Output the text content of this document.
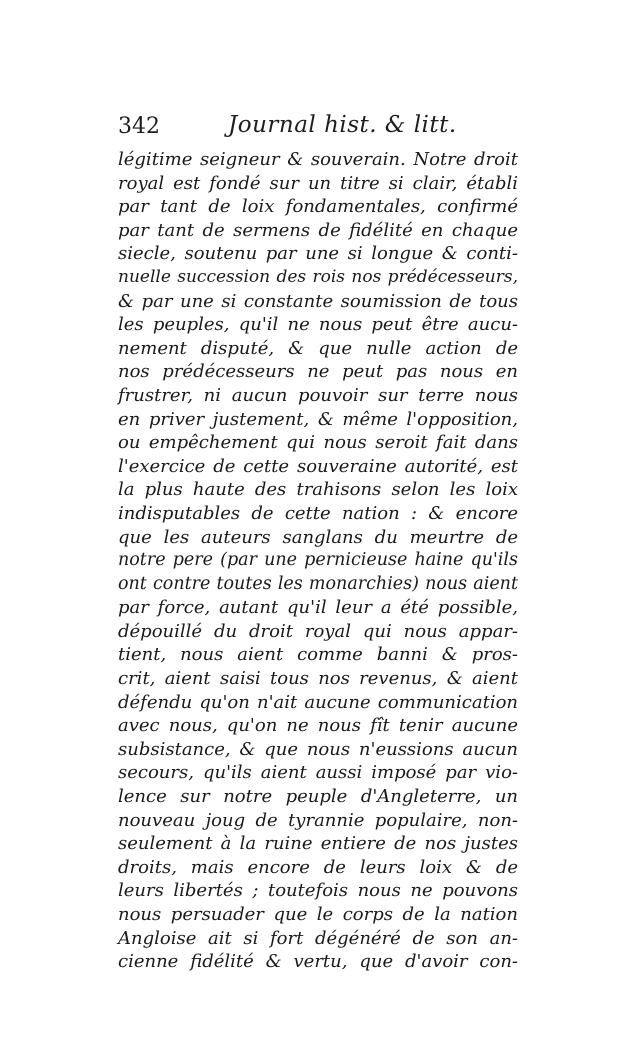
342	Journal hist. & litt.
légitime seigneur & souverain. Notre droit
royal est fondé sur un titre si clair, établi
par tant de loix fondamentales, confirmé
par tant de sermens de fidélité en chaque
siecle, soutenu par une si longue & conti-
nuelle succession des rois nos prédécesseurs,
& par une si constante soumission de tous
les peuples, qu'il ne nous peut être aucu-
nement disputé, & que nulle action de
nos prédécesseurs ne peut pas nous en
frustrer, ni aucun pouvoir sur terre nous
en priver justement, & même l'opposition,
ou empêchement qui nous seroit fait dans
l'exercice de cette souveraine autorité, est
la plus haute des trahisons selon les loix
indisputables de cette nation : & encore
que les auteurs sanglans du meurtre de
notre pere (par une pernicieuse haine qu'ils
ont contre toutes les monarchies) nous aient
par force, autant qu'il leur a été possible,
dépouillé du droit royal qui nous appar-
tient, nous aient comme banni & pros-
crit, aient saisi tous nos revenus, & aient
défendu qu'on n'ait aucune communication
avec nous, qu'on ne nous fît tenir aucune
subsistance, & que nous n'eussions aucun
secours, qu'ils aient aussi imposé par vio-
lence sur notre peuple d'Angleterre, un
nouveau joug de tyrannie populaire, non-
seulement à la ruine entiere de nos justes
droits, mais encore de leurs loix & de
leurs libertés ; toutefois nous ne pouvons
nous persuader que le corps de la nation
Angloise ait si fort dégénéré de son an-
cienne fidélité & vertu, que d'avoir con-
